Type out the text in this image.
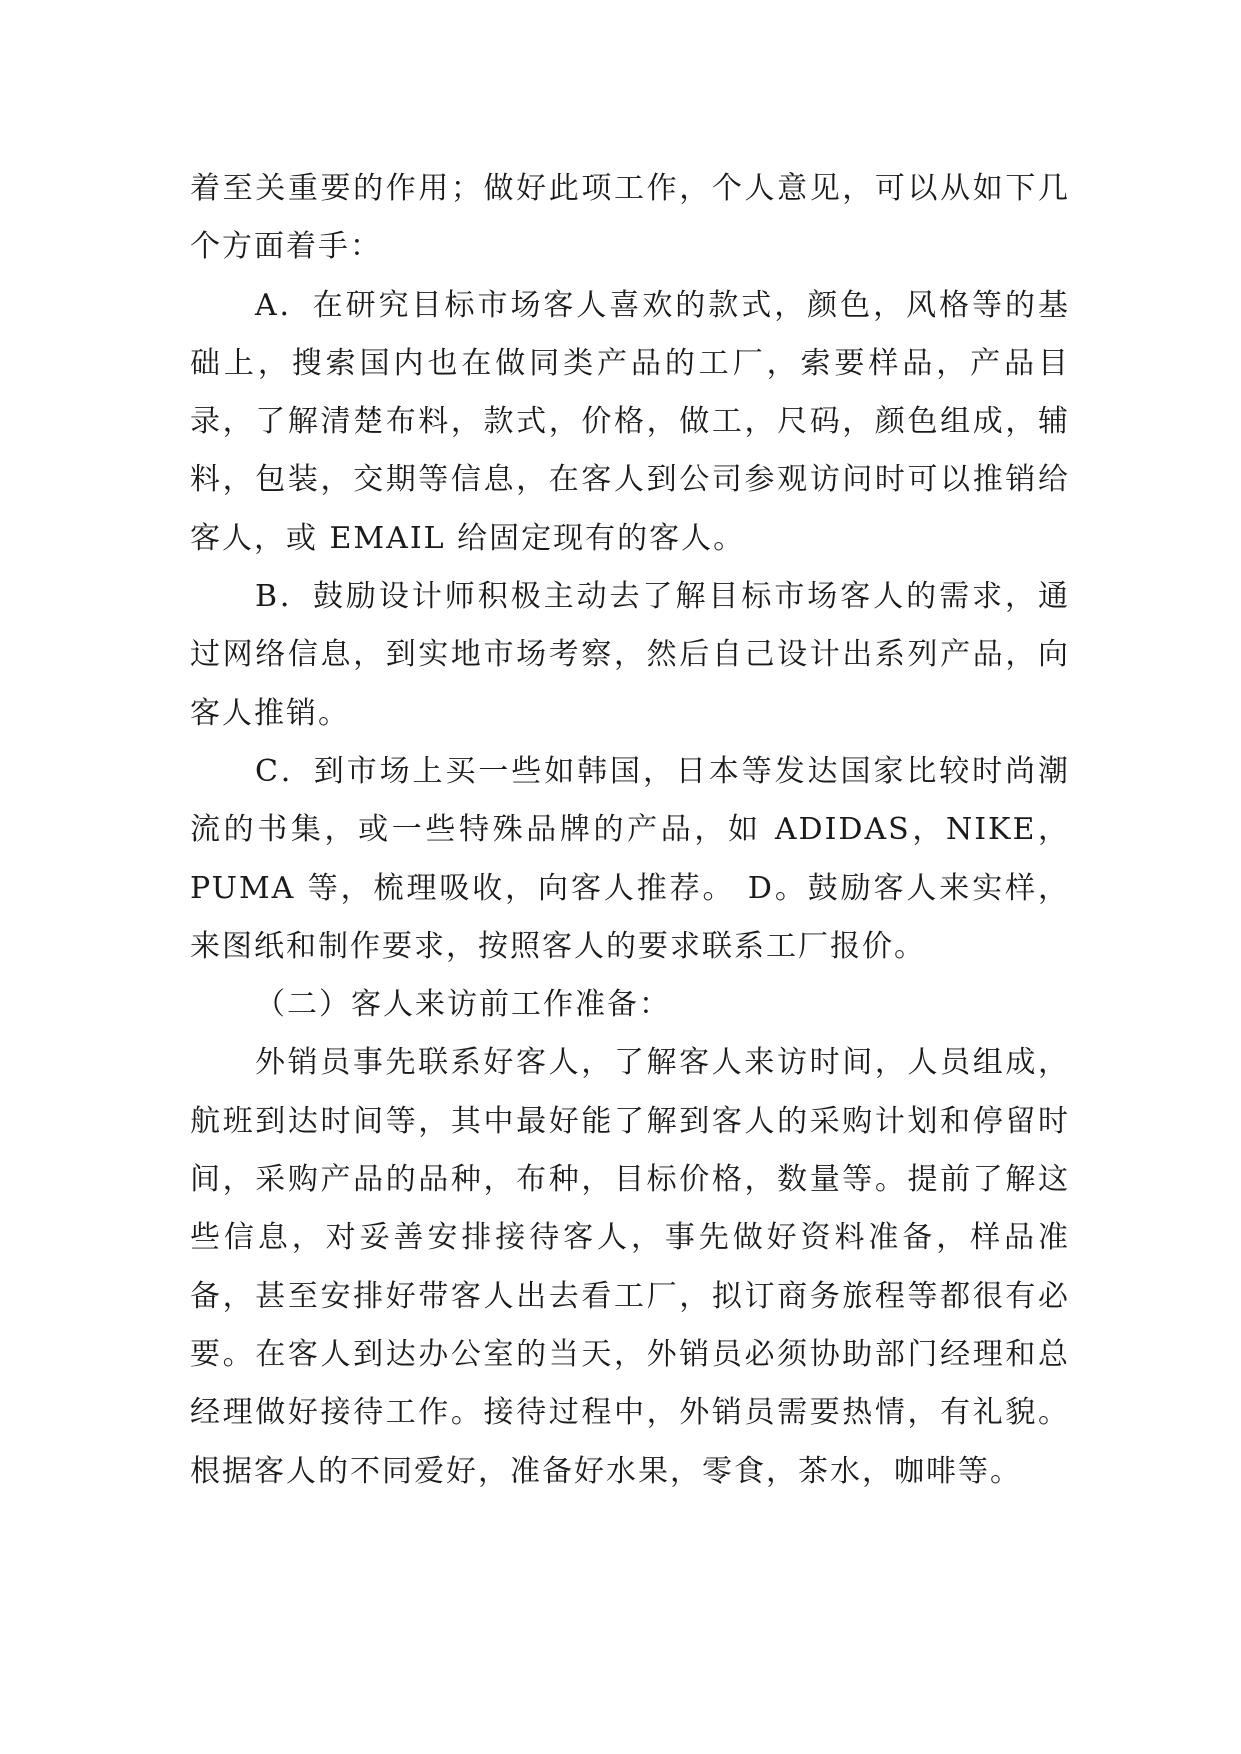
着至关重要的作用；做好此项工作，个人意见，可以从如下几个方面着手：

A．在研究目标市场客人喜欢的款式，颜色，风格等的基础上，搜索国内也在做同类产品的工厂，索要样品，产品目录，了解清楚布料，款式，价格，做工，尺码，颜色组成，辅料，包装，交期等信息，在客人到公司参观访问时可以推销给客人，或 EMAIL 给固定现有的客人。

B．鼓励设计师积极主动去了解目标市场客人的需求，通过网络信息，到实地市场考察，然后自己设计出系列产品，向客人推销。

C．到市场上买一些如韩国，日本等发达国家比较时尚潮流的书集，或一些特殊品牌的产品，如 ADIDAS，NIKE，PUMA 等，梳理吸收，向客人推荐。 D。鼓励客人来实样，来图纸和制作要求，按照客人的要求联系工厂报价。

（二）客人来访前工作准备：

外销员事先联系好客人，了解客人来访时间，人员组成，航班到达时间等，其中最好能了解到客人的采购计划和停留时间，采购产品的品种，布种，目标价格，数量等。提前了解这些信息，对妥善安排接待客人，事先做好资料准备，样品准备，甚至安排好带客人出去看工厂，拟订商务旅程等都很有必要。在客人到达办公室的当天，外销员必须协助部门经理和总经理做好接待工作。接待过程中，外销员需要热情，有礼貌。根据客人的不同爱好，准备好水果，零食，茶水，咖啡等。
